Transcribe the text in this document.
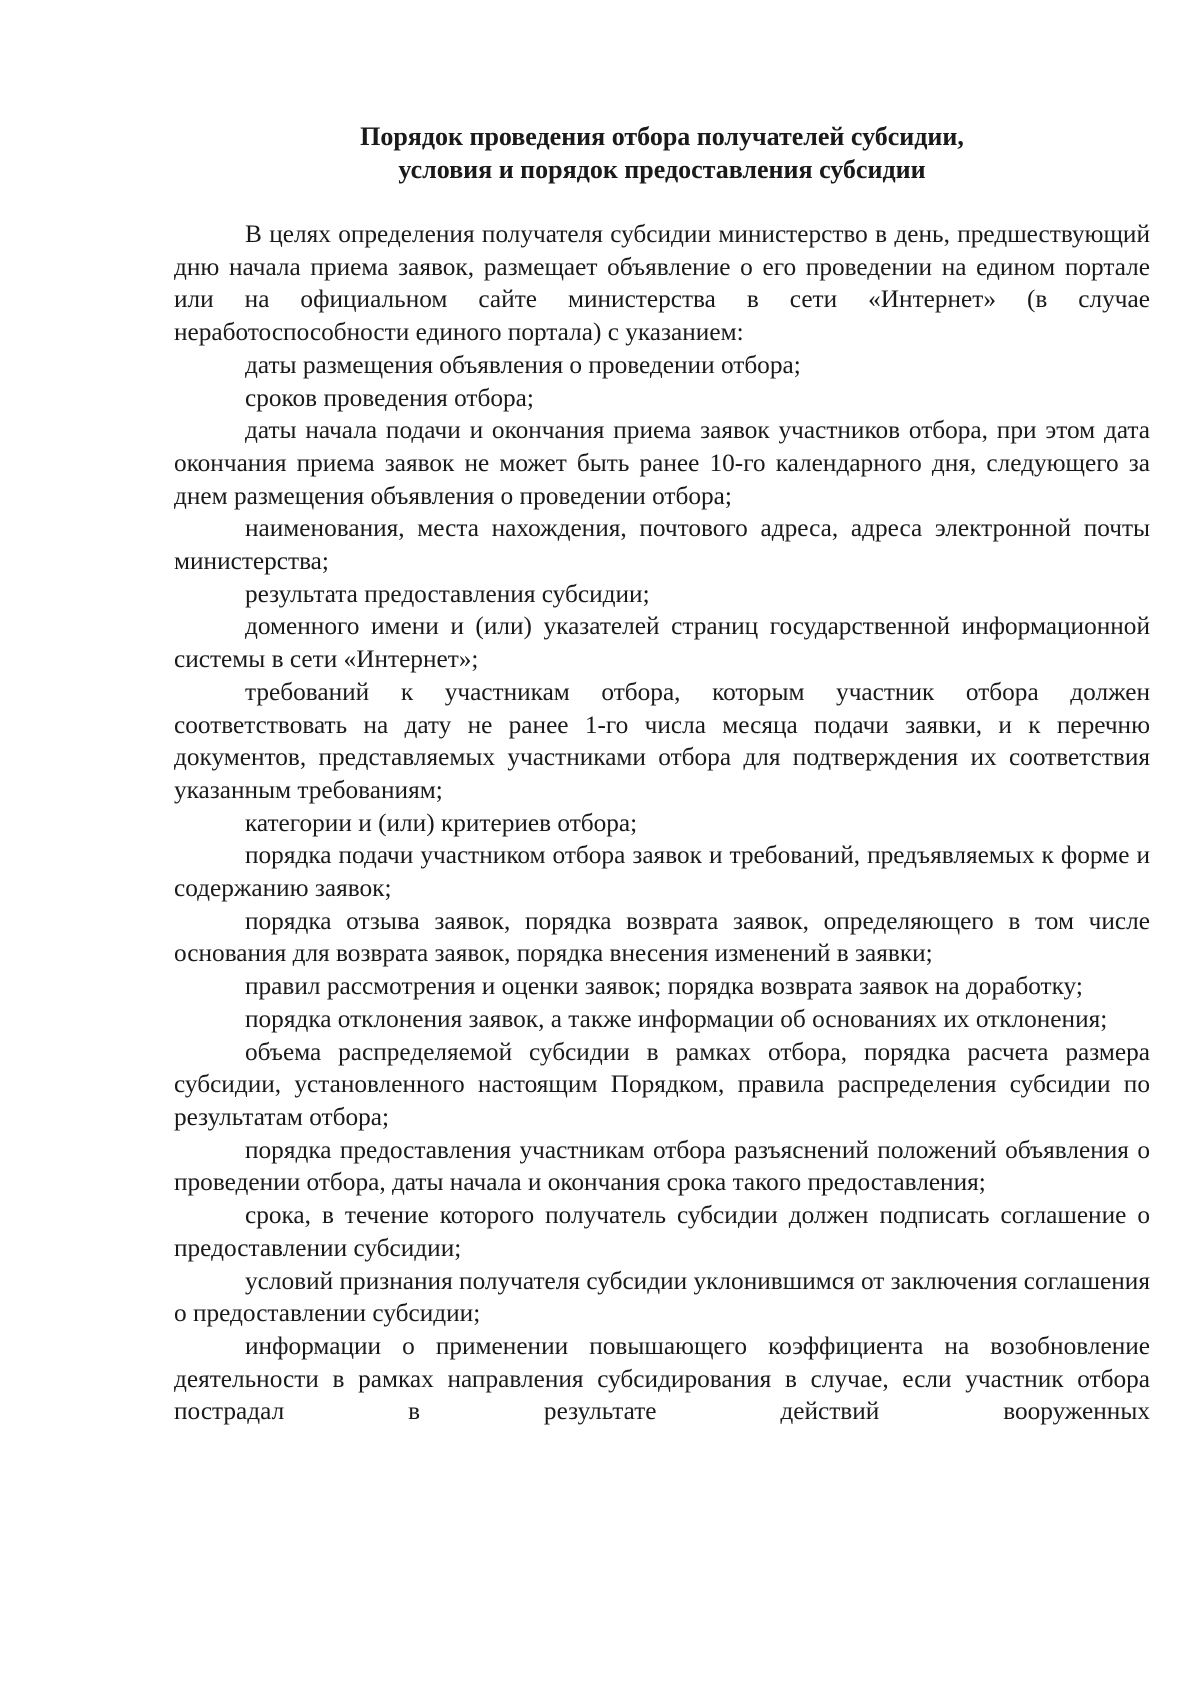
Порядок проведения отбора получателей субсидии,
условия и порядок предоставления субсидии

В целях определения получателя субсидии министерство в день, предшествующий дню начала приема заявок, размещает объявление о его проведении на едином портале или на официальном сайте министерства в сети «Интернет» (в случае неработоспособности единого портала) с указанием:

даты размещения объявления о проведении отбора;

сроков проведения отбора;

даты начала подачи и окончания приема заявок участников отбора, при этом дата окончания приема заявок не может быть ранее 10-го календарного дня, следующего за днем размещения объявления о проведении отбора;

наименования, места нахождения, почтового адреса, адреса электронной почты министерства;

результата предоставления субсидии;

доменного имени и (или) указателей страниц государственной информационной системы в сети «Интернет»;

требований к участникам отбора, которым участник отбора должен соответствовать на дату не ранее 1-го числа месяца подачи заявки, и к перечню документов, представляемых участниками отбора для подтверждения их соответствия указанным требованиям;

категории и (или) критериев отбора;

порядка подачи участником отбора заявок и требований, предъявляемых к форме и содержанию заявок;

порядка отзыва заявок, порядка возврата заявок, определяющего в том числе основания для возврата заявок, порядка внесения изменений в заявки;

правил рассмотрения и оценки заявок; порядка возврата заявок на доработку;

порядка отклонения заявок, а также информации об основаниях их отклонения;

объема распределяемой субсидии в рамках отбора, порядка расчета размера субсидии, установленного настоящим Порядком, правила распределения субсидии по результатам отбора;

порядка предоставления участникам отбора разъяснений положений объявления о проведении отбора, даты начала и окончания срока такого предоставления;

срока, в течение которого получатель субсидии должен подписать соглашение о предоставлении субсидии;

условий признания получателя субсидии уклонившимся от заключения соглашения о предоставлении субсидии;

информации о применении повышающего коэффициента на возобновление деятельности в рамках направления субсидирования в случае, если участник отбора пострадал в результате действий вооруженных
